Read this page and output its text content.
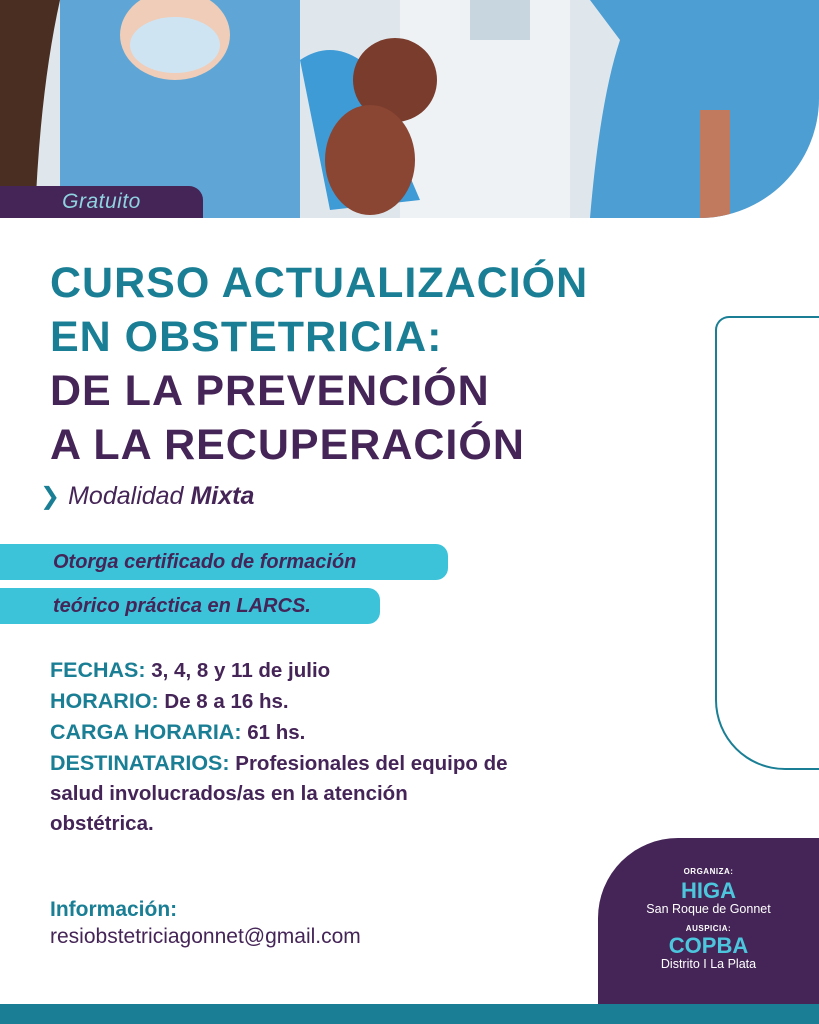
Gratuito
CURSO ACTUALIZACIÓN
EN OBSTETRICIA:
DE LA PREVENCIÓN
A LA RECUPERACIÓN
❯ Modalidad Mixta
Otorga certificado de formación
teórico práctica en LARCS.
FECHAS: 3, 4, 8 y 11 de julio
HORARIO: De 8 a 16 hs.
CARGA HORARIA: 61 hs.
DESTINATARIOS: Profesionales del equipo de salud involucrados/as en la atención obstétrica.
Información:
resiobstetriciagonnet@gmail.com
ORGANIZA:
HIGA
San Roque de Gonnet
AUSPICIA:
COPBA
Distrito I La Plata
